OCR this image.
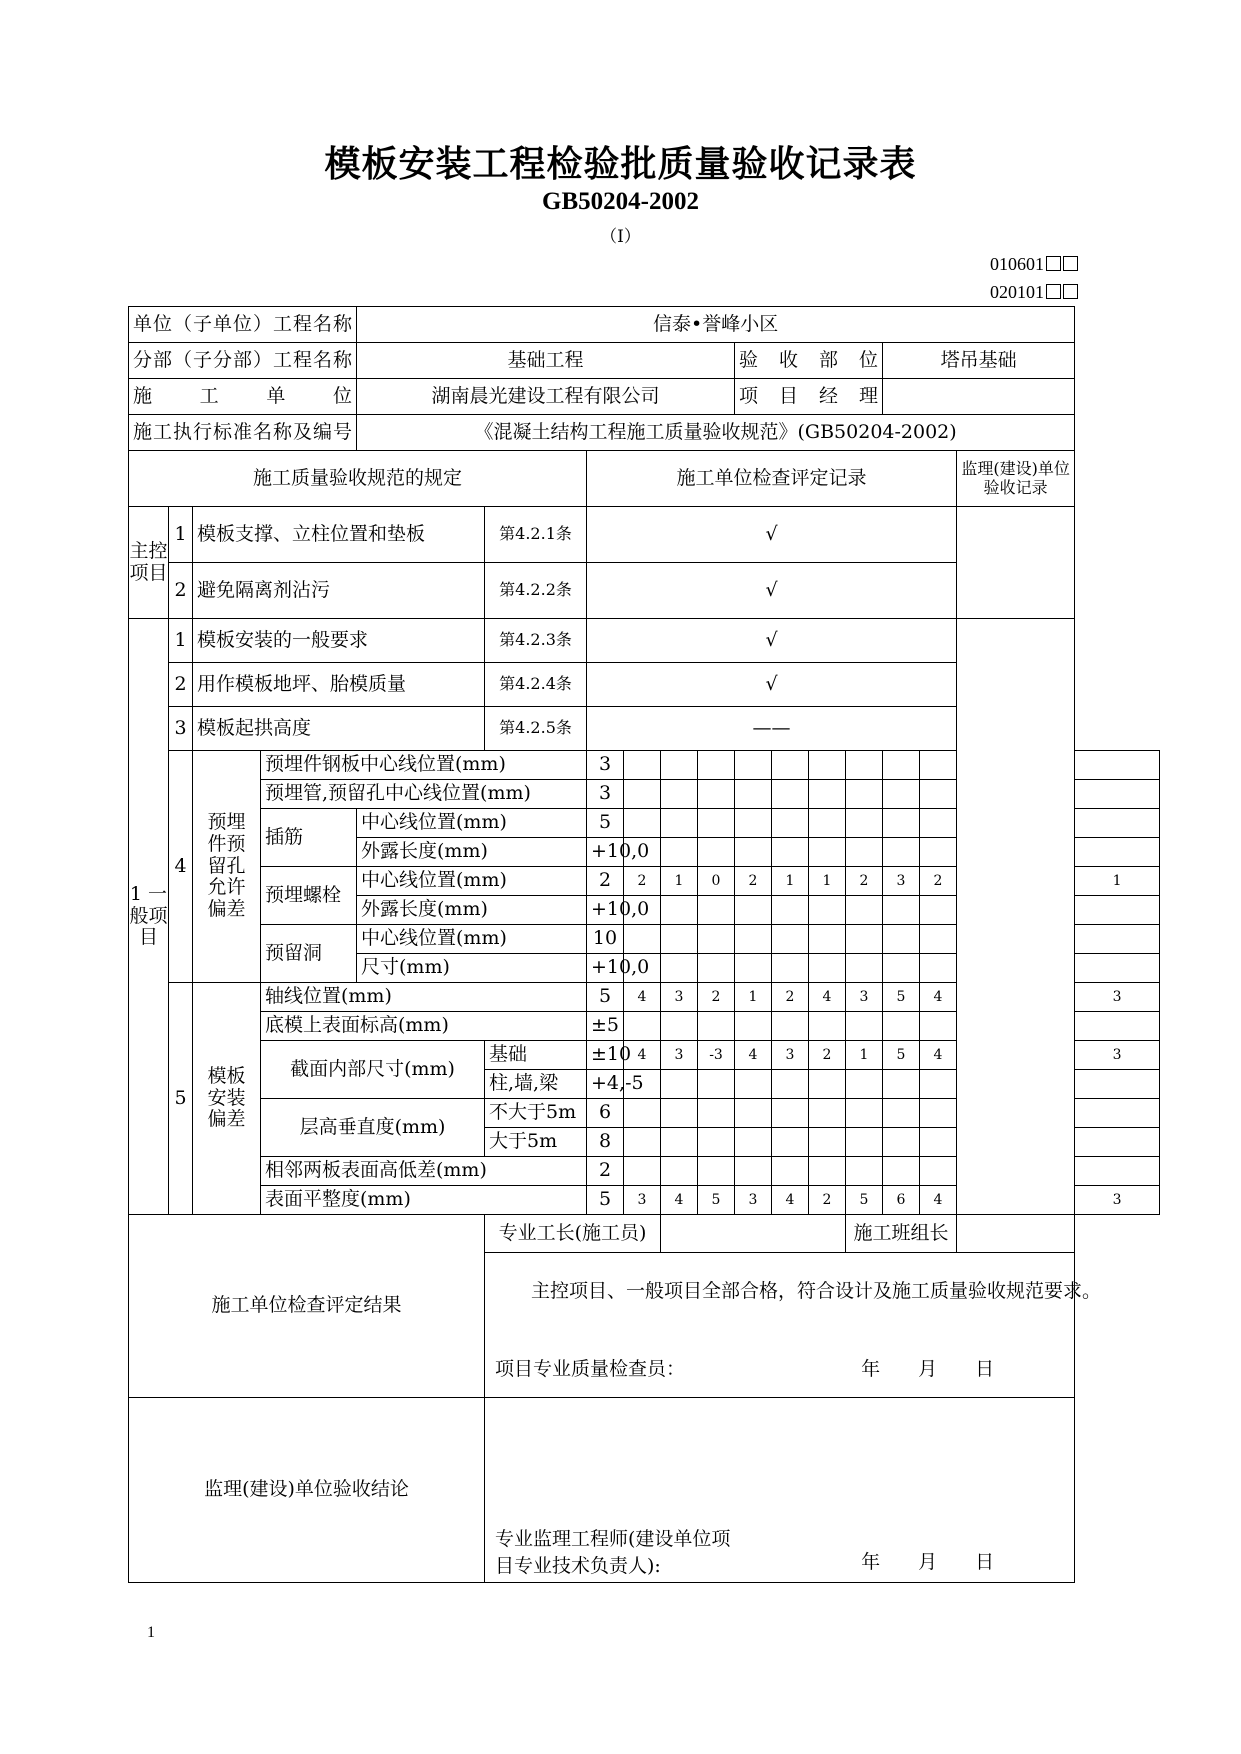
模板安装工程检验批质量验收记录表
GB50204-2002
（I）
010601
020101
单位（子单位）工程名称				信泰•誉峰小区													
分部（子分部）工程名称				基础工程						验 收 部 位				塔吊基础			
施 工 单 位				湖南晨光建设工程有限公司						项 目 经 理							
施工执行标准名称及编号				《混凝土结构工程施工质量验收规范》(GB50204-2002)													
施工质量验收规范的规定						施工单位检查评定记录										监理(建设)单位验收记录	
主控项目	1	模板支撑、立柱位置和垫板			第4.2.1条	√											
	2	避免隔离剂沾污			第4.2.2条	√											
1 一般项目	1	模板安装的一般要求			第4.2.3条	√											
	2	用作模板地坪、胎模质量			第4.2.4条	√											
	3	模板起拱高度			第4.2.5条	——											
	4	预埋件预留孔允许偏差	预埋件钢板中心线位置(mm)			3											
			预埋管,预留孔中心线位置(mm)			3											
			插筋	中心线位置(mm)		5											
				外露长度(mm)		+10,0											
			预埋螺栓	中心线位置(mm)		2	2	1	0	2	1	1	2	3	2		1
				外露长度(mm)		+10,0											
			预留洞	中心线位置(mm)		10											
				尺寸(mm)		+10,0											
	5	模板安装偏差	轴线位置(mm)			5	4	3	2	1	2	4	3	5	4		3
			底模上表面标高(mm)			±5											
			截面内部尺寸(mm)		基础	±10	4	3	-3	4	3	2	1	5	4		3
					柱,墙,梁	+4,-5											
			层高垂直度(mm)		不大于5m	6											
					大于5m	8											
			相邻两板表面高低差(mm)			2											
			表面平整度(mm)			5	3	4	5	3	4	2	5	6	4		3
施工单位检查评定结果					专业工长(施工员)								施工班组长				

					主控项目、一般项目全部合格，符合设计及施工质量验收规范要求。
项目专业质量检查员： 年　　月　　日												

监理(建设)单位验收结论					专业监理工程师(建设单位项目专业技术负责人): 年　　月　　日												
1
